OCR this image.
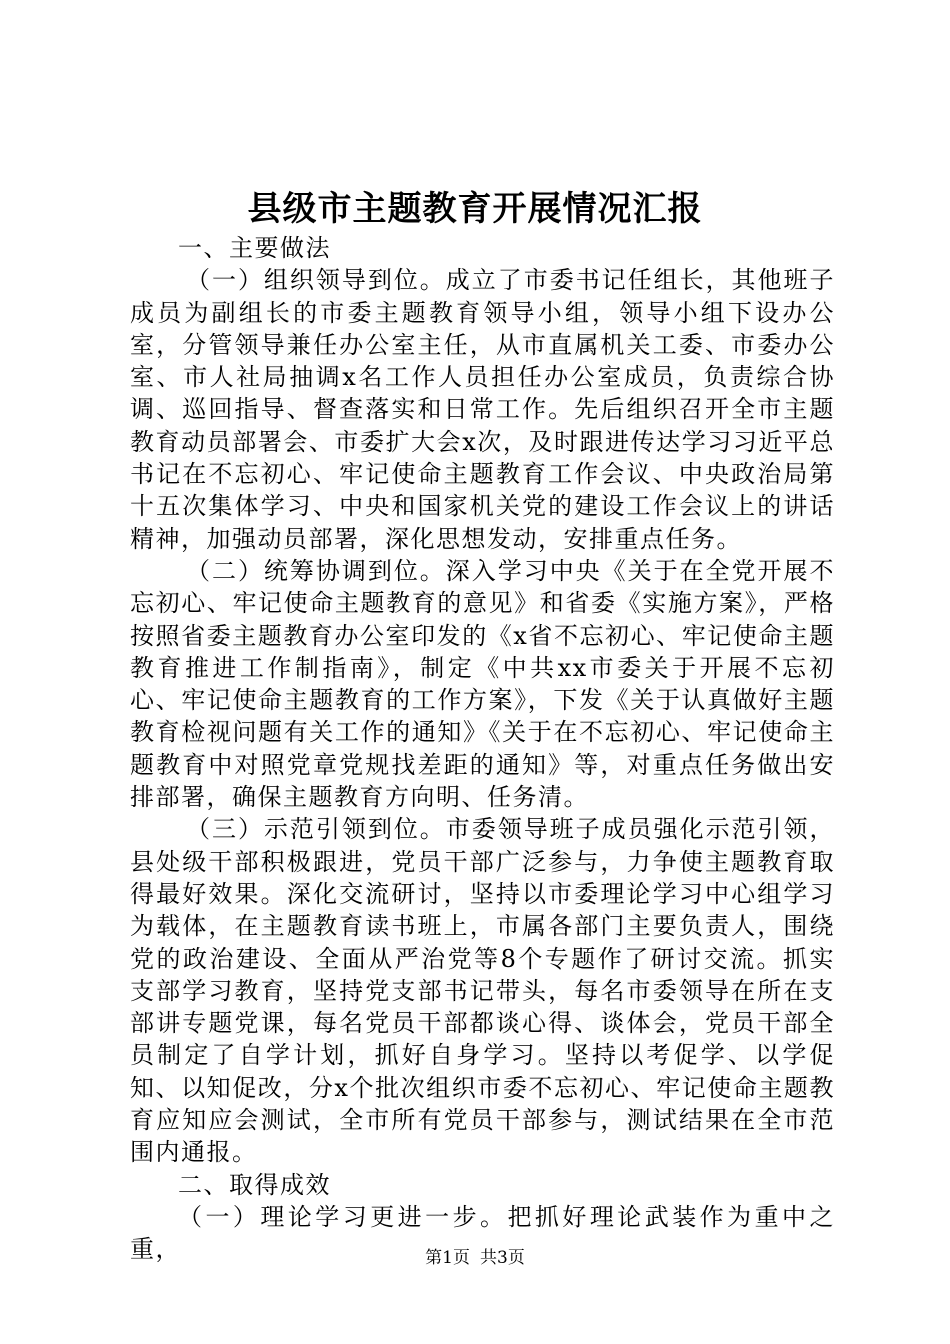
县级市主题教育开展情况汇报

一、主要做法

（一）组织领导到位。成立了市委书记任组长，其他班子成员为副组长的市委主题教育领导小组，领导小组下设办公室，分管领导兼任办公室主任，从市直属机关工委、市委办公室、市人社局抽调x名工作人员担任办公室成员，负责综合协调、巡回指导、督查落实和日常工作。先后组织召开全市主题教育动员部署会、市委扩大会x次，及时跟进传达学习习近平总书记在不忘初心、牢记使命主题教育工作会议、中央政治局第十五次集体学习、中央和国家机关党的建设工作会议上的讲话精神，加强动员部署，深化思想发动，安排重点任务。

（二）统筹协调到位。深入学习中央《关于在全党开展不忘初心、牢记使命主题教育的意见》和省委《实施方案》，严格按照省委主题教育办公室印发的《x省不忘初心、牢记使命主题教育推进工作制指南》，制定《中共xx市委关于开展不忘初心、牢记使命主题教育的工作方案》，下发《关于认真做好主题教育检视问题有关工作的通知》《关于在不忘初心、牢记使命主题教育中对照党章党规找差距的通知》等，对重点任务做出安排部署，确保主题教育方向明、任务清。

（三）示范引领到位。市委领导班子成员强化示范引领，县处级干部积极跟进，党员干部广泛参与，力争使主题教育取得最好效果。深化交流研讨，坚持以市委理论学习中心组学习为载体，在主题教育读书班上，市属各部门主要负责人，围绕党的政治建设、全面从严治党等8个专题作了研讨交流。抓实支部学习教育，坚持党支部书记带头，每名市委领导在所在支部讲专题党课，每名党员干部都谈心得、谈体会，党员干部全员制定了自学计划，抓好自身学习。坚持以考促学、以学促知、以知促改，分x个批次组织市委不忘初心、牢记使命主题教育应知应会测试，全市所有党员干部参与，测试结果在全市范围内通报。

二、取得成效

（一）理论学习更进一步。把抓好理论武装作为重中之重，	第1页 共3页
